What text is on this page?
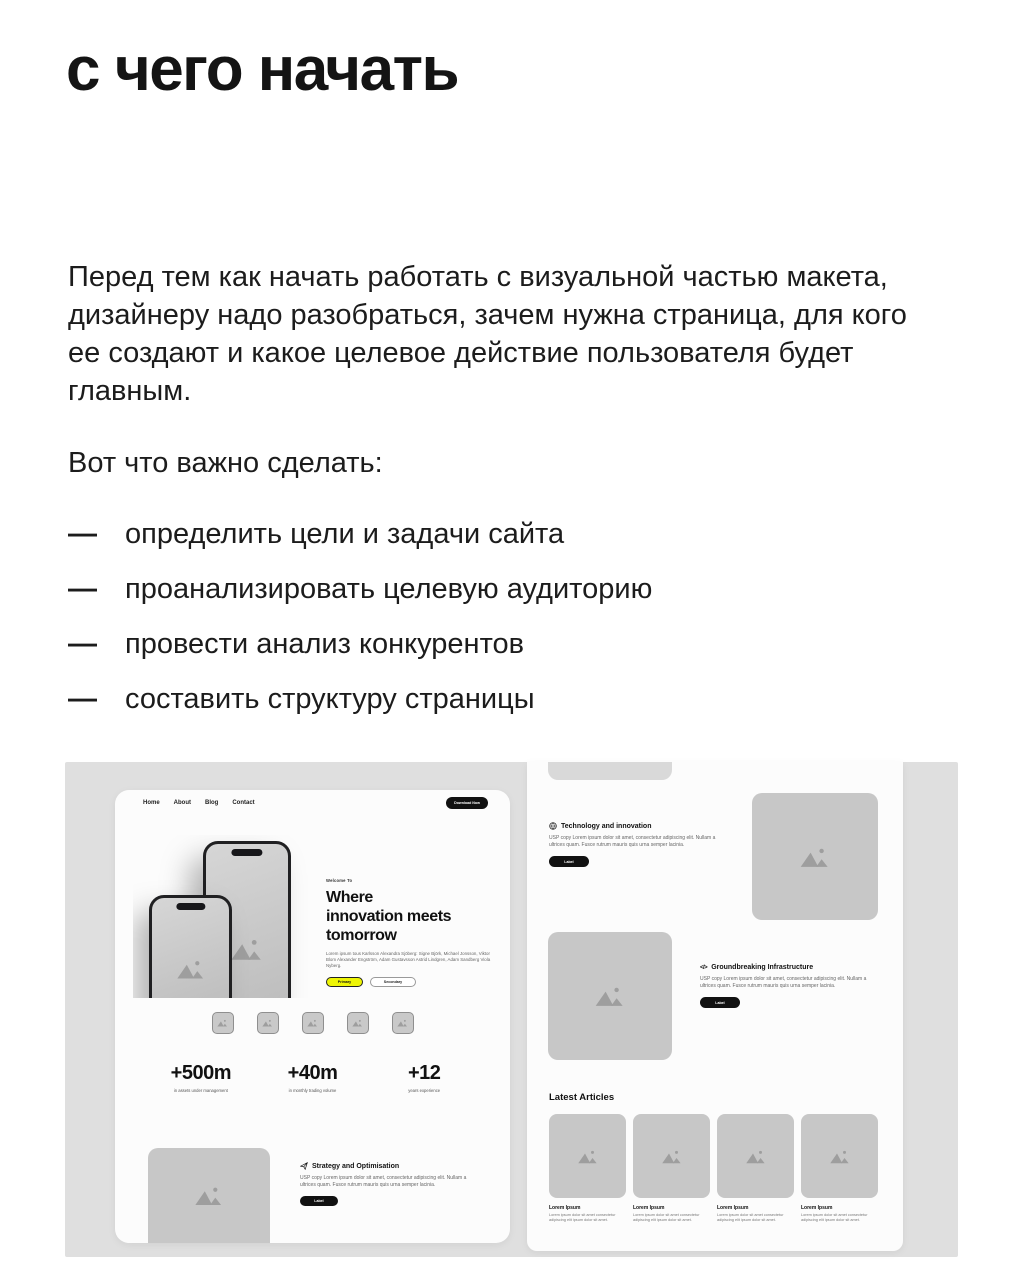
с чего начать

Перед тем как начать работать с визуальной частью макета, дизайнеру надо разобраться, зачем нужна страница, для кого ее создают и какое целевое действие пользователя будет главным.

Вот что важно сделать:

— определить цели и задачи сайта
— проанализировать целевую аудиторию
— провести анализ конкурентов
— составить структуру страницы
Home About Blog Contact	Download Now
Welcome To
Where
innovation meets
tomorrow

Lorem ipsum tous Karlsson Alexandra Sjöberg: Signe Björk, Michael Jonsson, Viktor Blom Alexander Engström, Adam Gustavsson Astrid Lindgren, Adam Sandberg Viola Nyberg.

Primary	Secondary
+500m
in assets under management
+40m
in monthly trading volume
+12
years experience
Strategy and Optimisation

USP copy Lorem ipsum dolor sit amet, consectetur adipiscing elit. Nullam a ultrices quam. Fusce rutrum mauris quis urna semper lacinia.

Label
Technology and innovation

USP copy Lorem ipsum dolor sit amet, consectetur adipiscing elit. Nullam a ultrices quam. Fusce rutrum mauris quis urna semper lacinia.

Label
</> Groundbreaking Infrastructure

USP copy Lorem ipsum dolor sit amet, consectetur adipiscing elit. Nullam a ultrices quam. Fusce rutrum mauris quis urna semper lacinia.

Label
Latest Articles
Lorem Ipsum
Lorem ipsum dolor sit amet consectetur adipiscing elit ipsum dolor sit amet.
Lorem Ipsum
Lorem ipsum dolor sit amet consectetur adipiscing elit ipsum dolor sit amet.
Lorem Ipsum
Lorem ipsum dolor sit amet consectetur adipiscing elit ipsum dolor sit amet.
Lorem Ipsum
Lorem ipsum dolor sit amet consectetur adipiscing elit ipsum dolor sit amet.
